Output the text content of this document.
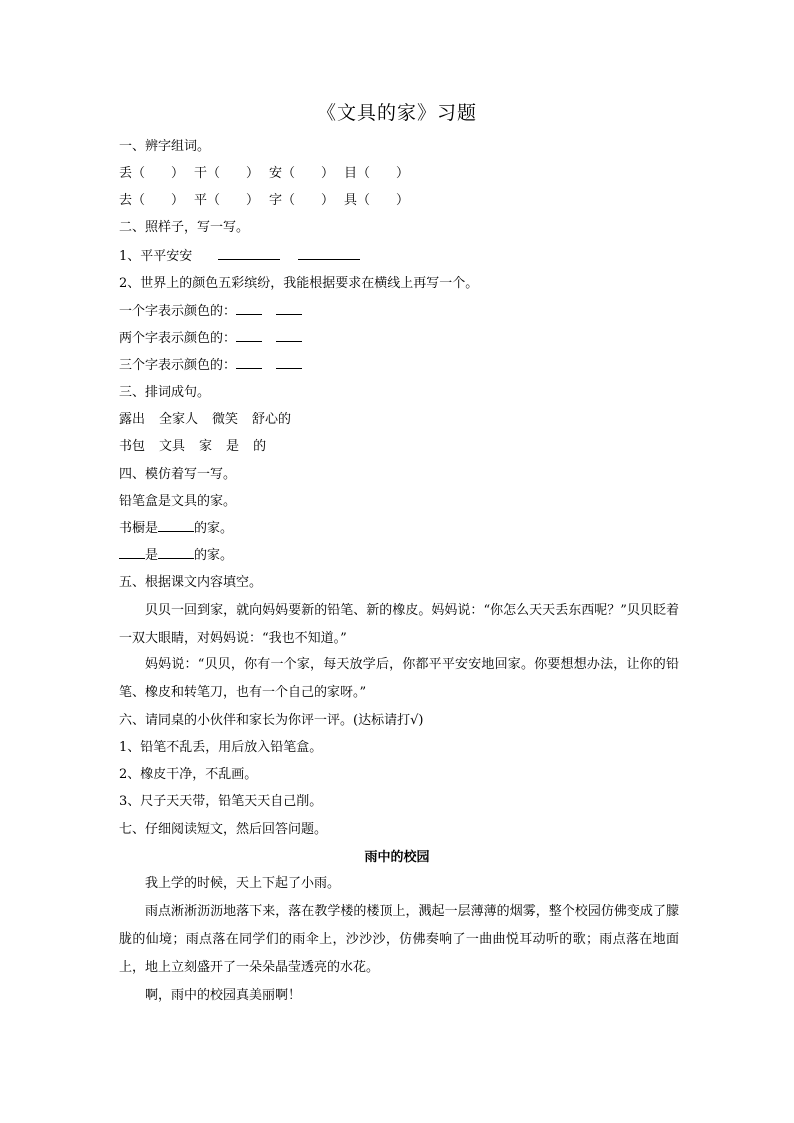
《文具的家》习题
一、辨字组词。
丢（　　） 干（　　） 安（　　） 目（　　）
去（　　） 平（　　） 字（　　） 具（　　）
二、照样子，写一写。
1、平平安安
2、世界上的颜色五彩缤纷，我能根据要求在横线上再写一个。
一个字表示颜色的：
两个字表示颜色的：
三个字表示颜色的：
三、排词成句。
露出 全家人 微笑 舒心的
书包 文具 家 是 的
四、模仿着写一写。
铅笔盒是文具的家。
书橱是	的家。
是	的家。
五、根据课文内容填空。
贝贝一回到家，就向妈妈要新的铅笔、新的橡皮。妈妈说：“你怎么天天丢东西呢？”贝贝眨着一双大眼睛，对妈妈说：“我也不知道。”
妈妈说：“贝贝，你有一个家，每天放学后，你都平平安安地回家。你要想想办法，让你的铅笔、橡皮和转笔刀，也有一个自己的家呀。”
六、请同桌的小伙伴和家长为你评一评。(达标请打√)
1、铅笔不乱丢，用后放入铅笔盒。
2、橡皮干净，不乱画。
3、尺子天天带，铅笔天天自己削。
七、仔细阅读短文，然后回答问题。
雨中的校园
我上学的时候，天上下起了小雨。
雨点淅淅沥沥地落下来，落在教学楼的楼顶上，溅起一层薄薄的烟雾，整个校园仿佛变成了朦胧的仙境；雨点落在同学们的雨伞上，沙沙沙，仿佛奏响了一曲曲悦耳动听的歌；雨点落在地面上，地上立刻盛开了一朵朵晶莹透亮的水花。
啊，雨中的校园真美丽啊！
